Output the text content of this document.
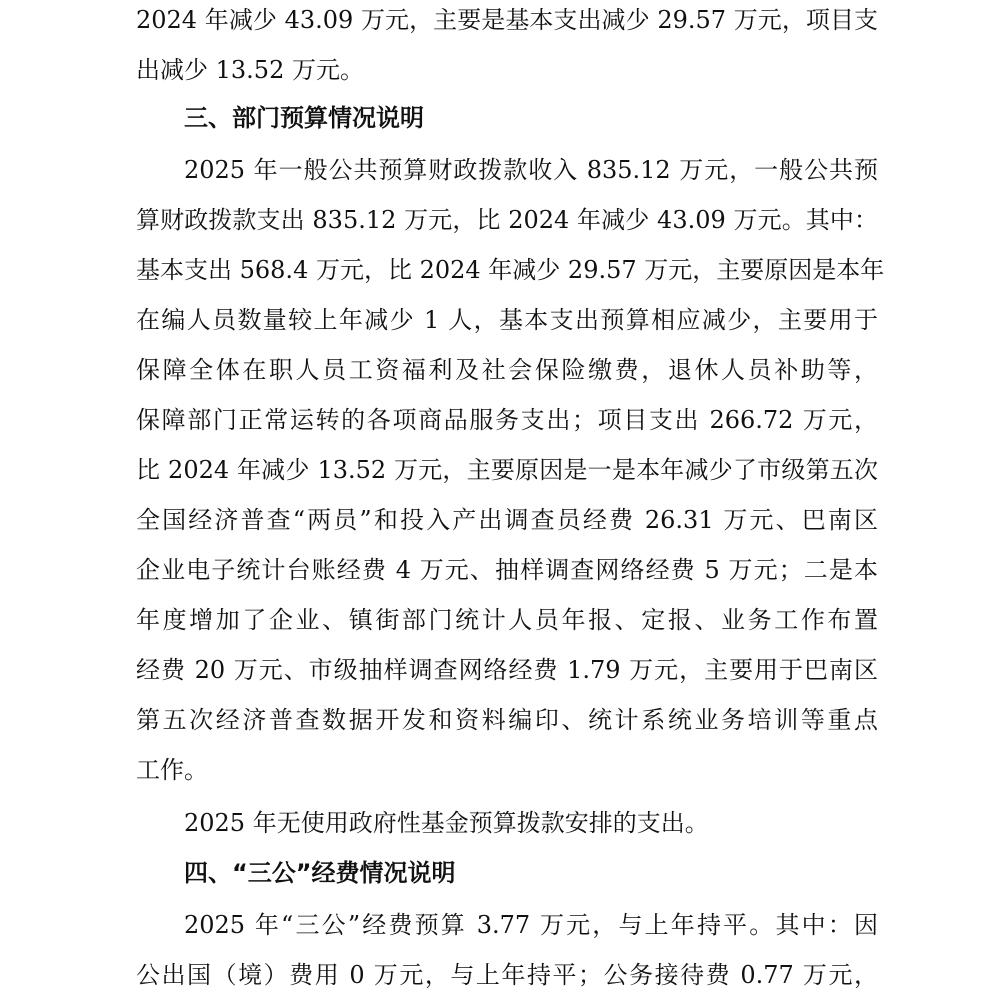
2024 年减少 43.09 万元，主要是基本支出减少 29.57 万元，项目支
出减少 13.52 万元。
三、部门预算情况说明
2025 年一般公共预算财政拨款收入 835.12 万元，一般公共预
算财政拨款支出 835.12 万元，比 2024 年减少 43.09 万元。其中：
基本支出 568.4 万元，比 2024 年减少 29.57 万元，主要原因是本年
在编人员数量较上年减少 1 人，基本支出预算相应减少，主要用于
保障全体在职人员工资福利及社会保险缴费，退休人员补助等，
保障部门正常运转的各项商品服务支出；项目支出 266.72 万元，
比 2024 年减少 13.52 万元，主要原因是一是本年减少了市级第五次
全国经济普查“两员”和投入产出调查员经费 26.31 万元、巴南区
企业电子统计台账经费 4 万元、抽样调查网络经费 5 万元；二是本
年度增加了企业、镇街部门统计人员年报、定报、业务工作布置
经费 20 万元、市级抽样调查网络经费 1.79 万元，主要用于巴南区
第五次经济普查数据开发和资料编印、统计系统业务培训等重点
工作。
2025 年无使用政府性基金预算拨款安排的支出。
四、“三公”经费情况说明
2025 年“三公”经费预算 3.77 万元，与上年持平。其中：因
公出国（境）费用 0 万元，与上年持平；公务接待费 0.77 万元，
